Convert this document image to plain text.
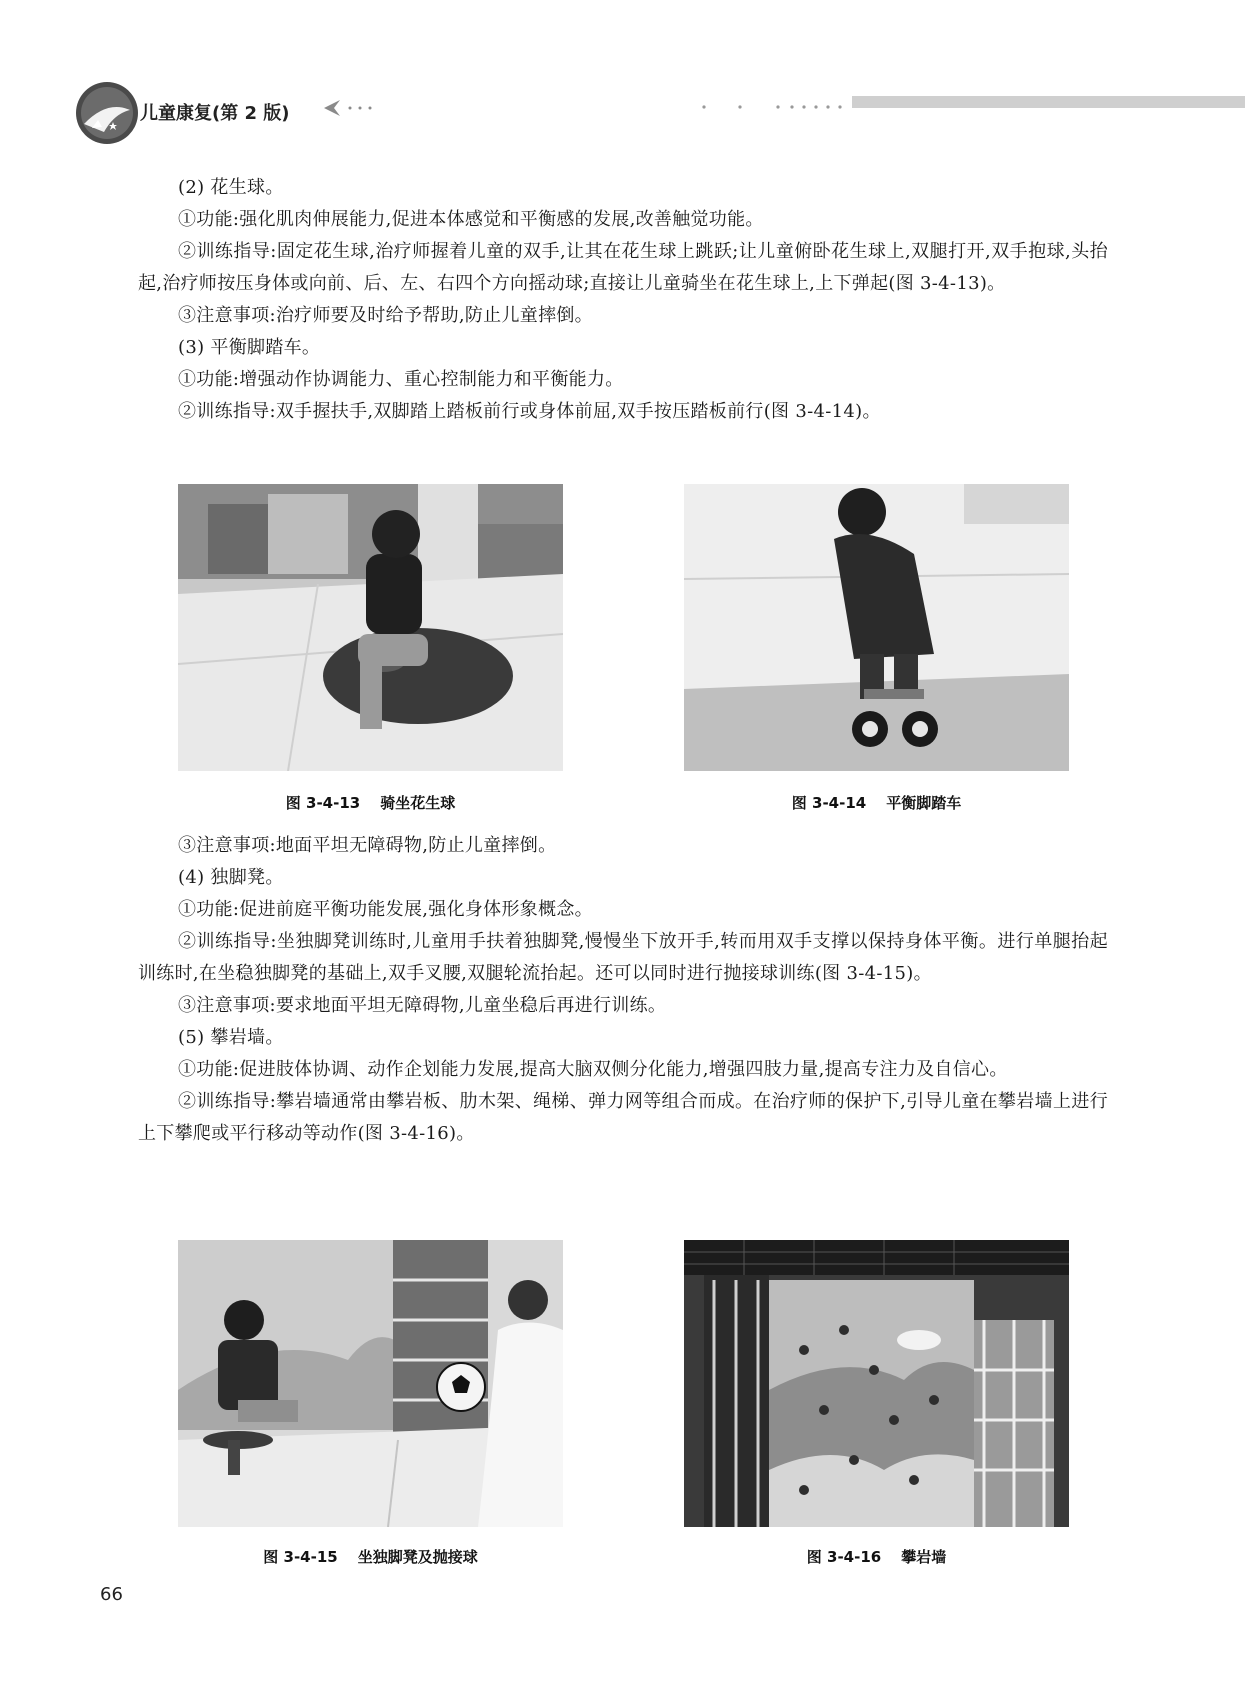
儿童康复(第 2 版)

(2) 花生球。

①功能:强化肌肉伸展能力,促进本体感觉和平衡感的发展,改善触觉功能。

②训练指导:固定花生球,治疗师握着儿童的双手,让其在花生球上跳跃;让儿童俯卧花生球上,双腿打开,双手抱球,头抬起,治疗师按压身体或向前、后、左、右四个方向摇动球;直接让儿童骑坐在花生球上,上下弹起(图 3-4-13)。

③注意事项:治疗师要及时给予帮助,防止儿童摔倒。

(3) 平衡脚踏车。

①功能:增强动作协调能力、重心控制能力和平衡能力。

②训练指导:双手握扶手,双脚踏上踏板前行或身体前屈,双手按压踏板前行(图 3-4-14)。

图 3-4-13 骑坐花生球	图 3-4-14 平衡脚踏车

③注意事项:地面平坦无障碍物,防止儿童摔倒。

(4) 独脚凳。

①功能:促进前庭平衡功能发展,强化身体形象概念。

②训练指导:坐独脚凳训练时,儿童用手扶着独脚凳,慢慢坐下放开手,转而用双手支撑以保持身体平衡。进行单腿抬起训练时,在坐稳独脚凳的基础上,双手叉腰,双腿轮流抬起。还可以同时进行抛接球训练(图 3-4-15)。

③注意事项:要求地面平坦无障碍物,儿童坐稳后再进行训练。

(5) 攀岩墙。

①功能:促进肢体协调、动作企划能力发展,提高大脑双侧分化能力,增强四肢力量,提高专注力及自信心。

②训练指导:攀岩墙通常由攀岩板、肋木架、绳梯、弹力网等组合而成。在治疗师的保护下,引导儿童在攀岩墙上进行上下攀爬或平行移动等动作(图 3-4-16)。

图 3-4-15 坐独脚凳及抛接球	图 3-4-16 攀岩墙
66
